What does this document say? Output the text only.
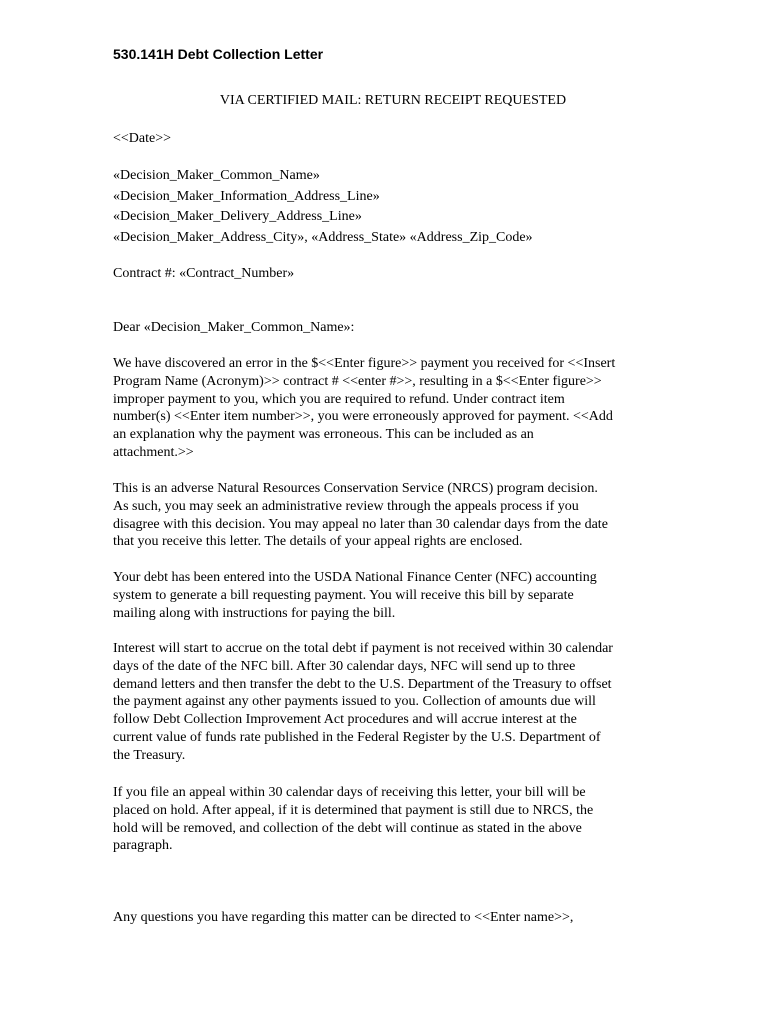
530.141H Debt Collection Letter
VIA CERTIFIED MAIL: RETURN RECEIPT REQUESTED
<<Date>>
«Decision_Maker_Common_Name»
«Decision_Maker_Information_Address_Line»
«Decision_Maker_Delivery_Address_Line»
«Decision_Maker_Address_City», «Address_State» «Address_Zip_Code»
Contract #: «Contract_Number»
Dear «Decision_Maker_Common_Name»:
We have discovered an error in the $<<Enter figure>> payment you received for <<Insert
Program Name (Acronym)>> contract # <<enter #>>, resulting in a $<<Enter figure>>
improper payment to you, which you are required to refund. Under contract item
number(s) <<Enter item number>>, you were erroneously approved for payment. <<Add
an explanation why the payment was erroneous. This can be included as an
attachment.>>
This is an adverse Natural Resources Conservation Service (NRCS) program decision.
As such, you may seek an administrative review through the appeals process if you
disagree with this decision. You may appeal no later than 30 calendar days from the date
that you receive this letter. The details of your appeal rights are enclosed.
Your debt has been entered into the USDA National Finance Center (NFC) accounting
system to generate a bill requesting payment. You will receive this bill by separate
mailing along with instructions for paying the bill.
Interest will start to accrue on the total debt if payment is not received within 30 calendar
days of the date of the NFC bill. After 30 calendar days, NFC will send up to three
demand letters and then transfer the debt to the U.S. Department of the Treasury to offset
the payment against any other payments issued to you. Collection of amounts due will
follow Debt Collection Improvement Act procedures and will accrue interest at the
current value of funds rate published in the Federal Register by the U.S. Department of
the Treasury.
If you file an appeal within 30 calendar days of receiving this letter, your bill will be
placed on hold. After appeal, if it is determined that payment is still due to NRCS, the
hold will be removed, and collection of the debt will continue as stated in the above
paragraph.
Any questions you have regarding this matter can be directed to <<Enter name>>,
